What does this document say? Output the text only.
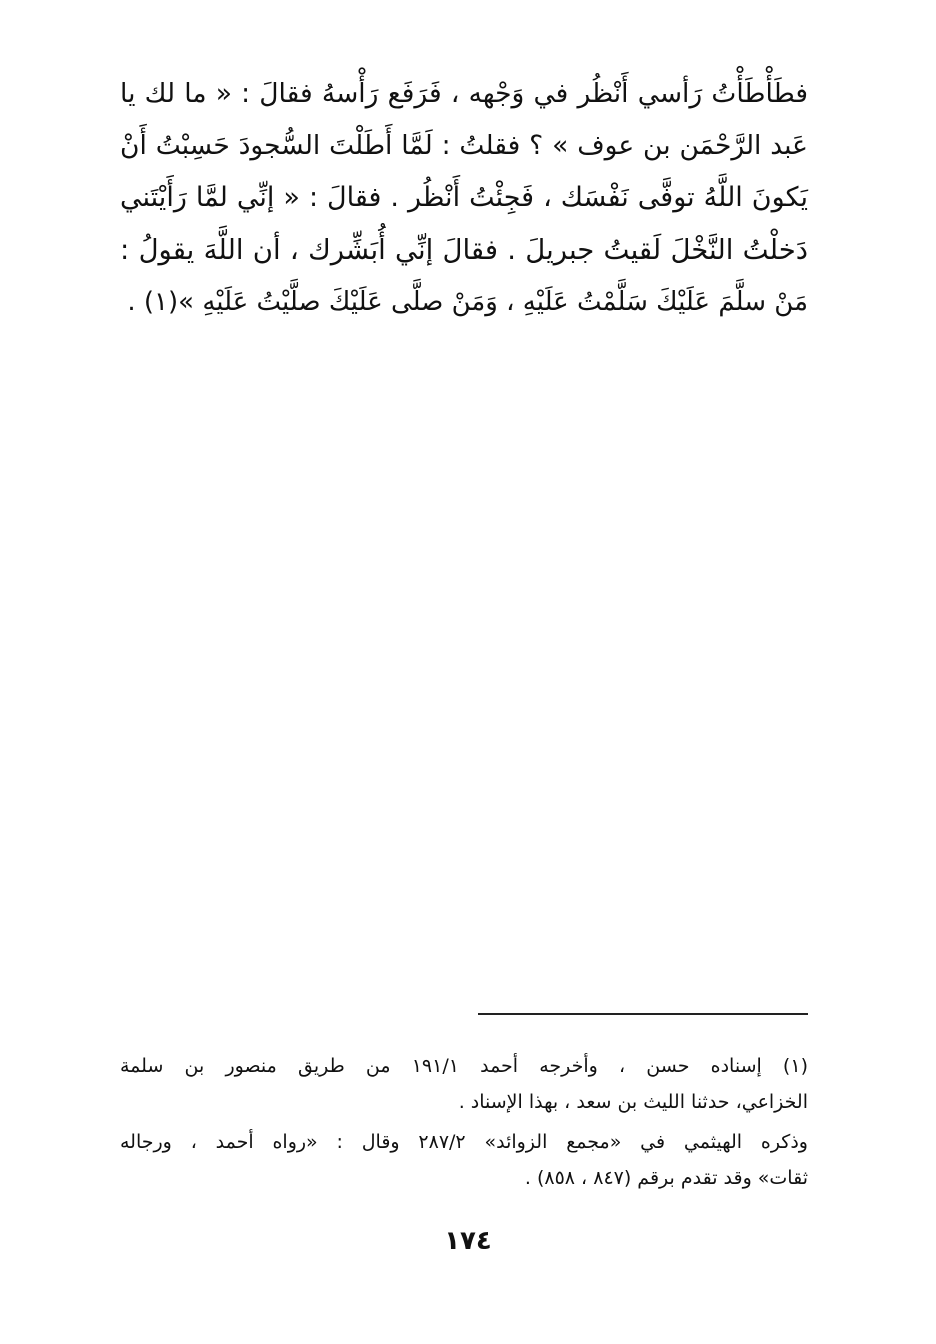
فطَأْطَأْتُ رَأسي أَنْظُر في وَجْهه ، فَرَفَع رَأْسهُ فقالَ : « ما لك يا
عَبد الرَّحْمَن بن عوف » ؟ فقلتُ : لَمَّا أَطَلْتَ السُّجودَ حَسِبْتُ أَنْ
يَكونَ اللَّهُ توفَّى نَفْسَك ، فَجِئْتُ أَنْظُر . فقالَ : « إنِّي لمَّا رَأَيْتَني
دَخلْتُ النَّخْلَ لَقيتُ جبريلَ . فقالَ إنِّي أُبَشِّرك ، أن اللَّهَ يقولُ :
مَنْ سلَّمَ عَلَيْكَ سَلَّمْتُ عَلَيْهِ ، وَمَنْ صلَّى عَلَيْكَ صلَّيْتُ عَلَيْهِ »(١) .
(١) إسناده حسن ، وأخرجه أحمد ١٩١/١ من طريق منصور بن سلمة
الخزاعي، حدثنا الليث بن سعد ، بهذا الإسناد .
وذكره الهيثمي في «مجمع الزوائد» ٢٨٧/٢ وقال : «رواه أحمد ، ورجاله
ثقات» وقد تقدم برقم (٨٤٧ ، ٨٥٨) .
١٧٤
